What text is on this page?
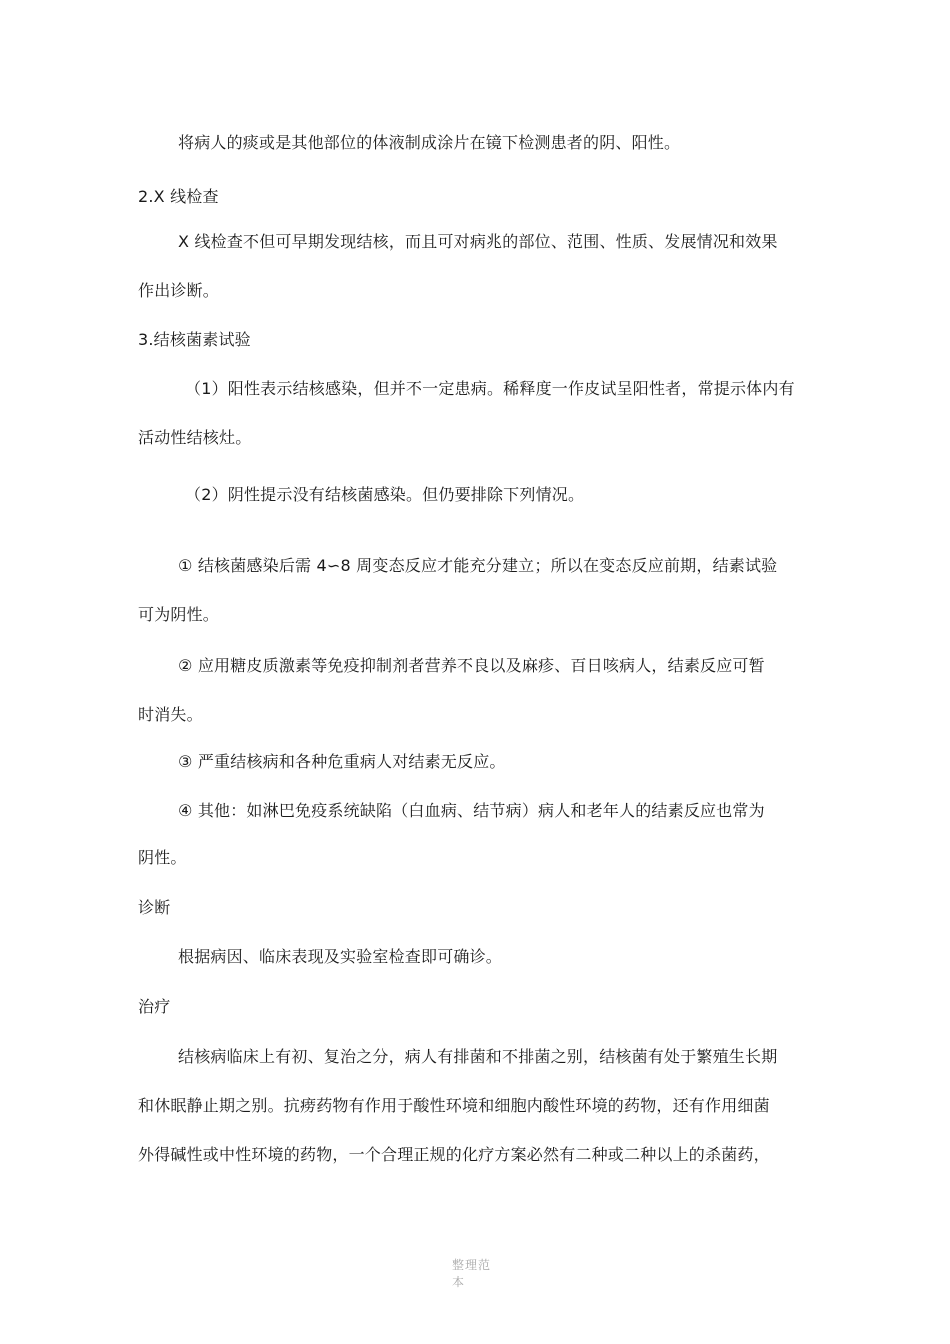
将病人的痰或是其他部位的体液制成涂片在镜下检测患者的阴、阳性。
2.X 线检查
X 线检查不但可早期发现结核，而且可对病兆的部位、范围、性质、发展情况和效果
作出诊断。
3.结核菌素试验
（1）阳性表示结核感染，但并不一定患病。稀释度一作皮试呈阳性者，常提示体内有
活动性结核灶。
（2）阴性提示没有结核菌感染。但仍要排除下列情况。
① 结核菌感染后需 4∽8 周变态反应才能充分建立；所以在变态反应前期，结素试验
可为阴性。
② 应用糖皮质激素等免疫抑制剂者营养不良以及麻疹、百日咳病人，结素反应可暂
时消失。
③ 严重结核病和各种危重病人对结素无反应。
④ 其他：如淋巴免疫系统缺陷（白血病、结节病）病人和老年人的结素反应也常为
阴性。
诊断
根据病因、临床表现及实验室检查即可确诊。
治疗
结核病临床上有初、复治之分，病人有排菌和不排菌之别，结核菌有处于繁殖生长期
和休眠静止期之别。抗痨药物有作用于酸性环境和细胞内酸性环境的药物，还有作用细菌
外得碱性或中性环境的药物，一个合理正规的化疗方案必然有二种或二种以上的杀菌药，
整理范
本
